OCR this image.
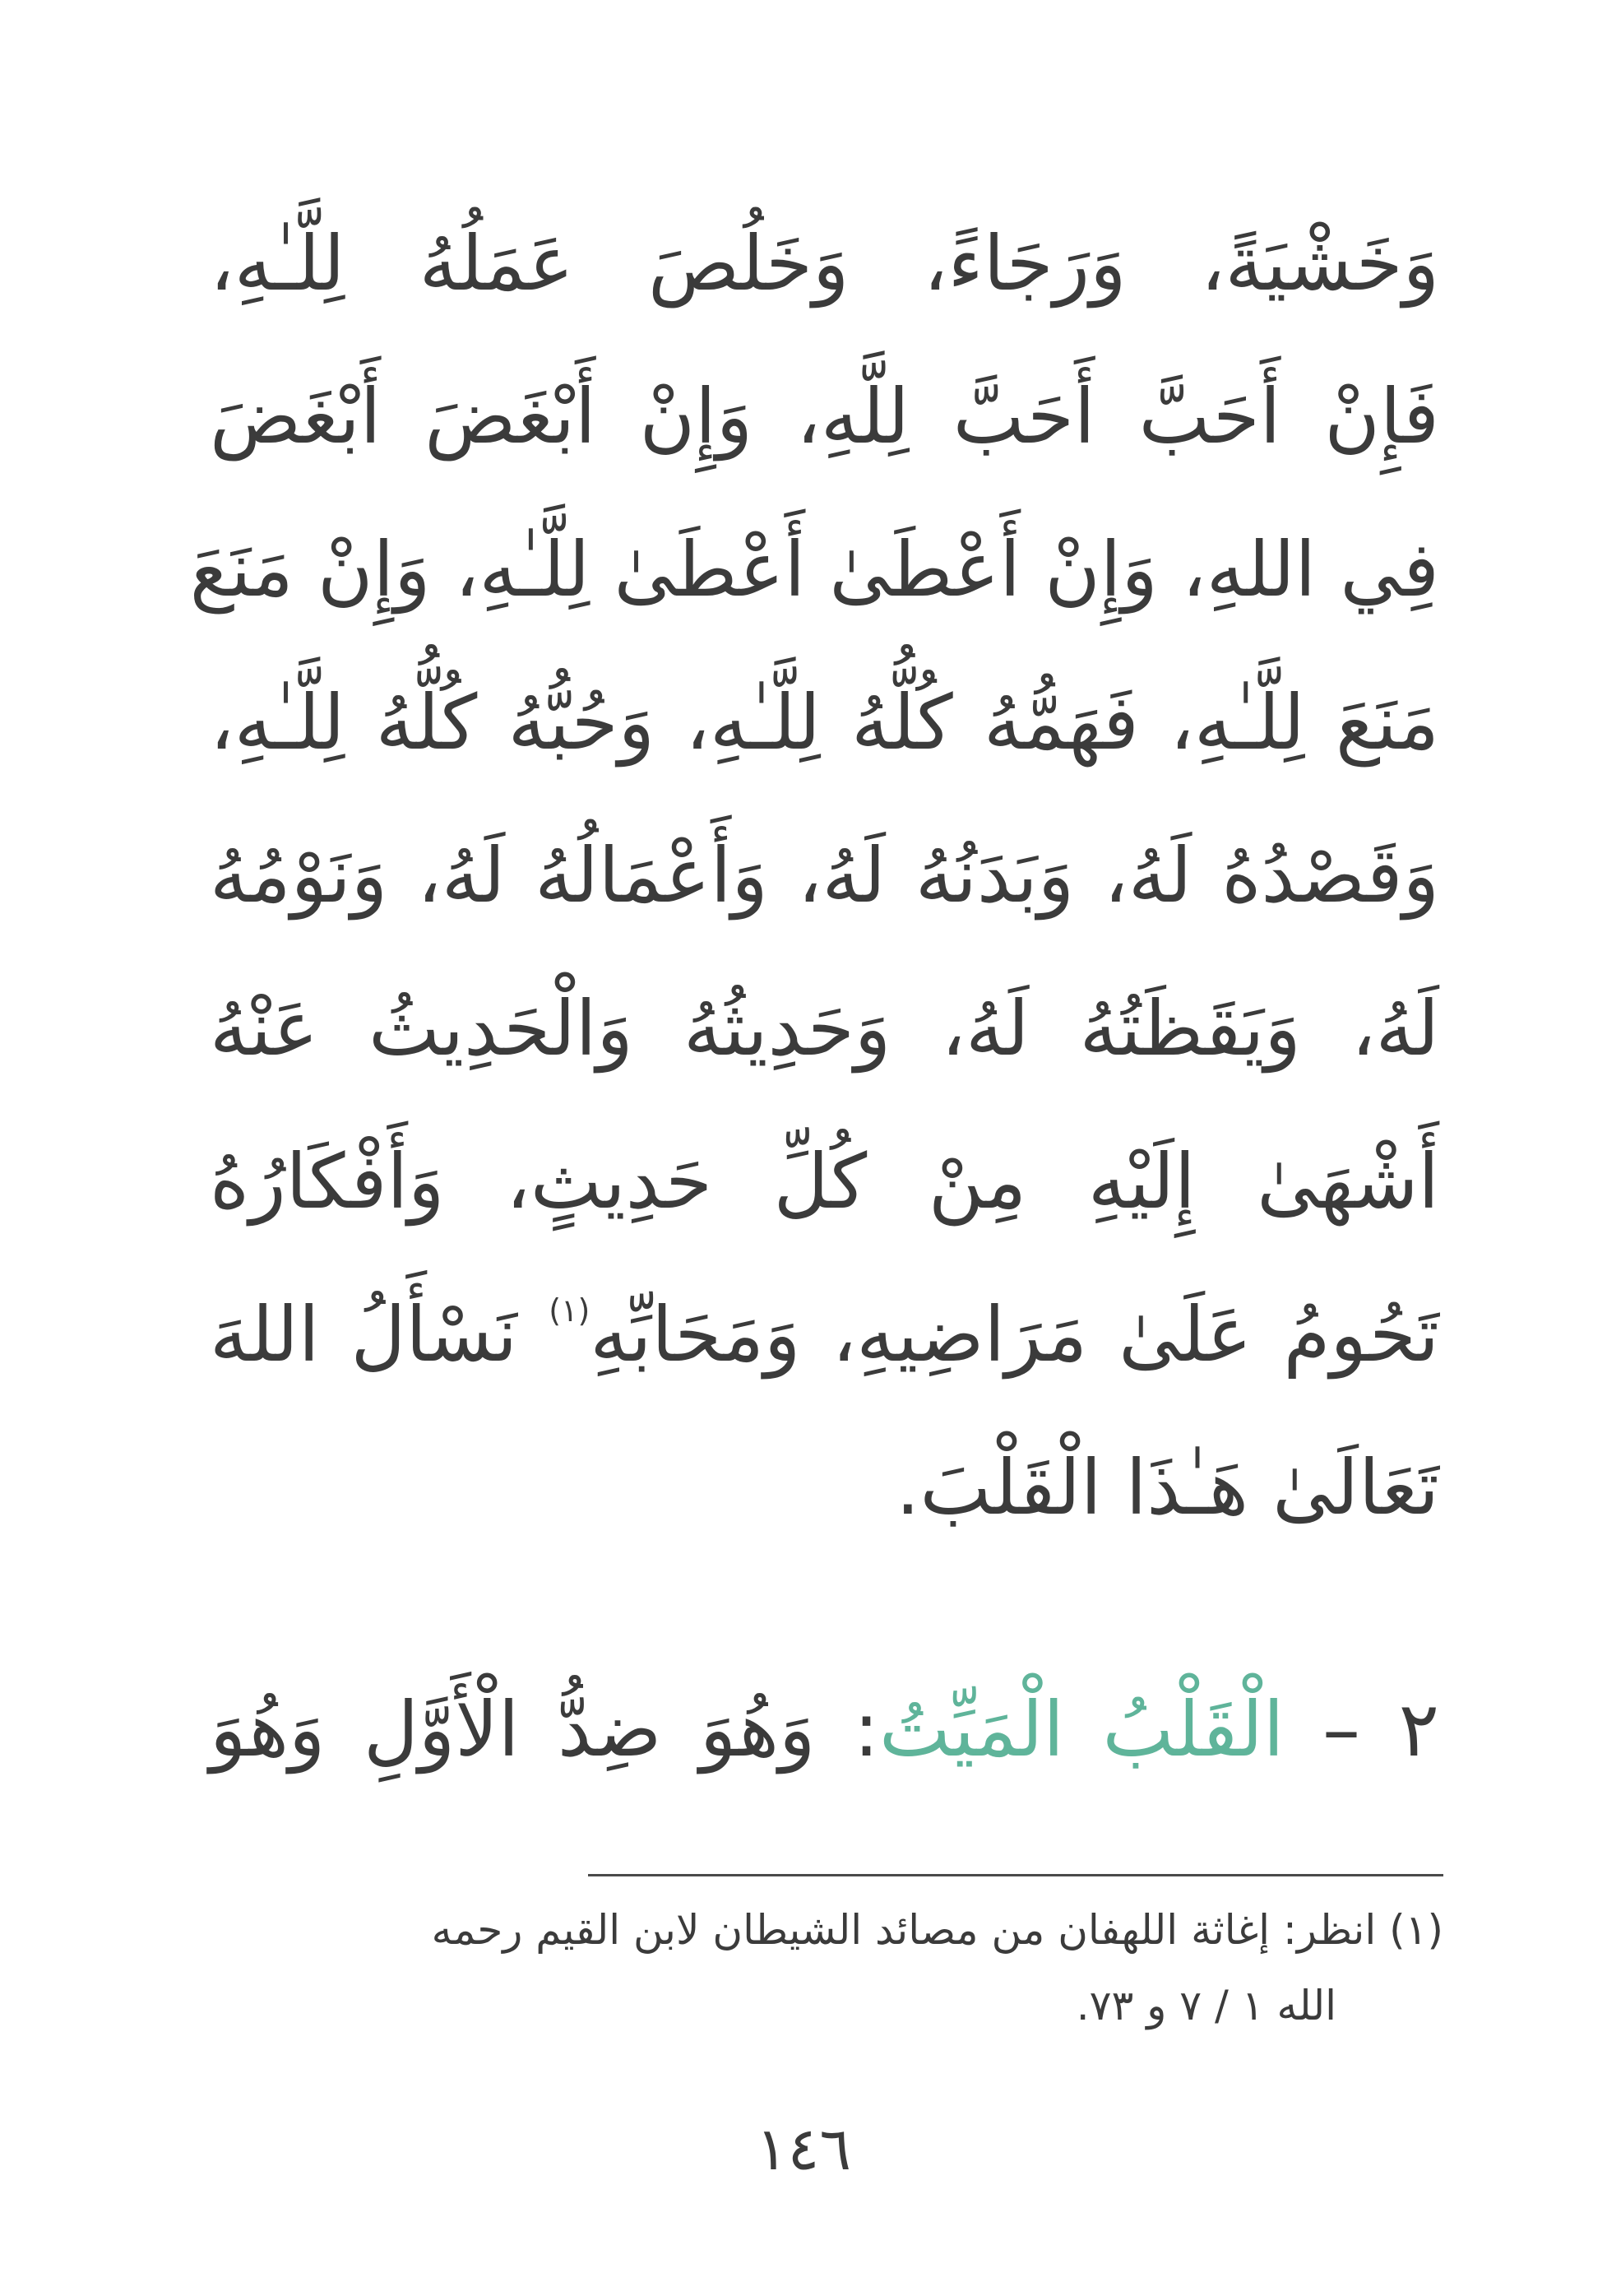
وَخَشْيَةً، وَرَجَاءً، وَخَلُصَ عَمَلُهُ لِلَّـٰهِ،
فَإِنْ أَحَبَّ أَحَبَّ لِلَّهِ، وَإِنْ أَبْغَضَ أَبْغَضَ
فِي اللهِ، وَإِنْ أَعْطَىٰ أَعْطَىٰ لِلَّـٰهِ، وَإِنْ مَنَعَ
مَنَعَ لِلَّـٰهِ، فَهَمُّهُ كُلُّهُ لِلَّـٰهِ، وَحُبُّهُ كُلُّهُ لِلَّـٰهِ،
وَقَصْدُهُ لَهُ، وَبَدَنُهُ لَهُ، وَأَعْمَالُهُ لَهُ، وَنَوْمُهُ
لَهُ، وَيَقَظَتُهُ لَهُ، وَحَدِيثُهُ وَالْحَدِيثُ عَنْهُ
أَشْهَىٰ إِلَيْهِ مِنْ كُلِّ حَدِيثٍ، وَأَفْكَارُهُ
تَحُومُ عَلَىٰ مَرَاضِيهِ، وَمَحَابِّهِ$^{(١)}$ نَسْأَلُ اللهَ
تَعَالَىٰ هَـٰذَا الْقَلْبَ.
٢ – الْقَلْبُ الْمَيِّتُ: وَهُوَ ضِدُّ الْأَوَّلِ وَهُوَ
(١) انظر: إغاثة اللهفان من مصائد الشيطان لابن القيم رحمه
الله ١ / ٧ و ٧٣.
١٤٦
